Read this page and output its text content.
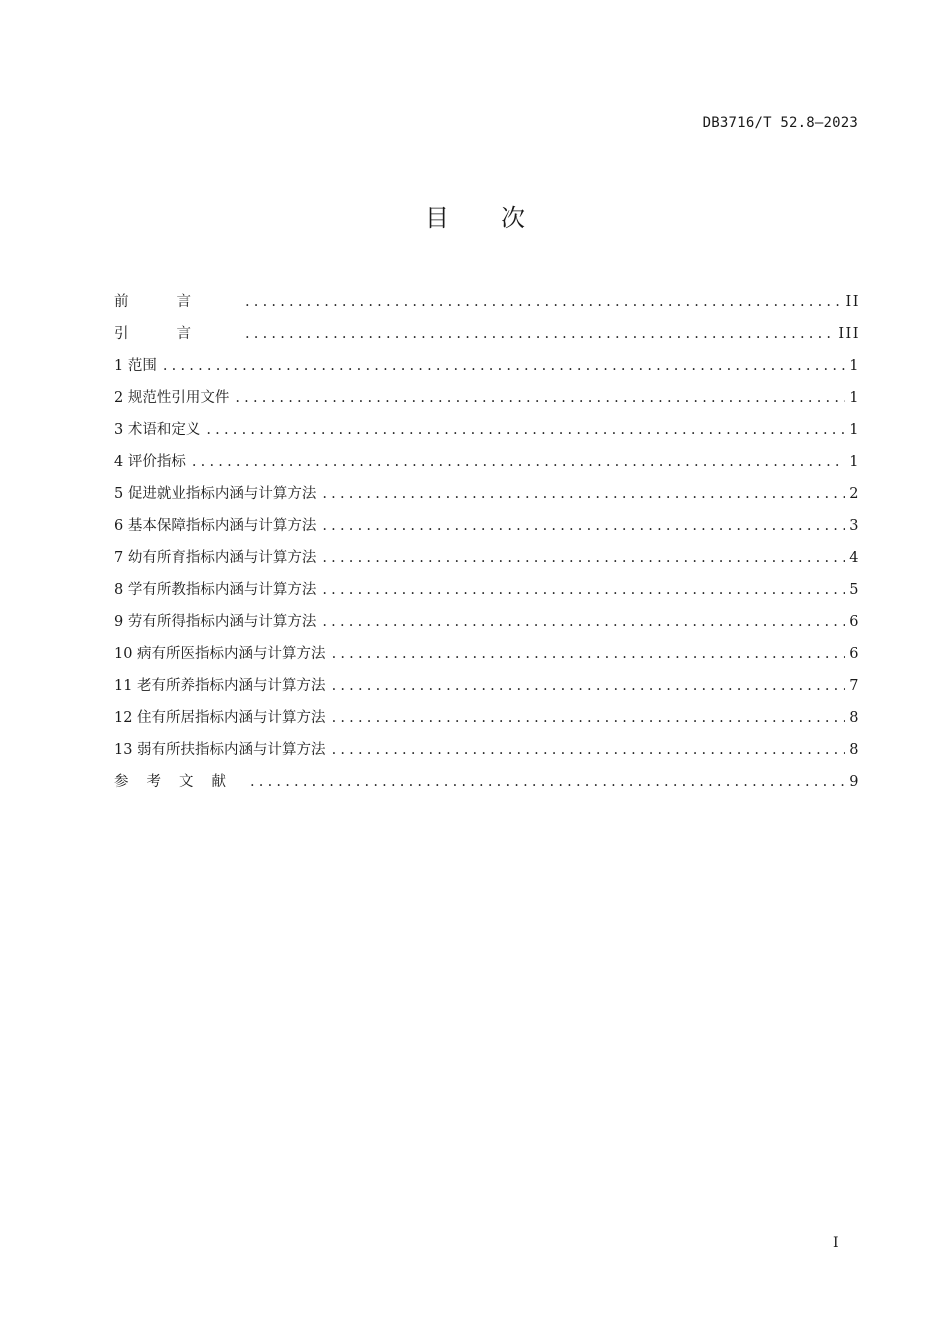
DB3716/T 52.8—2023
目次
前言 .....	II
引言 .....	III
1 范围 .....	1
2 规范性引用文件 .....	1
3 术语和定义 .....	1
4 评价指标 .....	1
5 促进就业指标内涵与计算方法 .....	2
6 基本保障指标内涵与计算方法 .....	3
7 幼有所育指标内涵与计算方法 .....	4
8 学有所教指标内涵与计算方法 .....	5
9 劳有所得指标内涵与计算方法 .....	6
10 病有所医指标内涵与计算方法 .....	6
11 老有所养指标内涵与计算方法 .....	7
12 住有所居指标内涵与计算方法 .....	8
13 弱有所扶指标内涵与计算方法 .....	8
参考文献 .....	9
I
